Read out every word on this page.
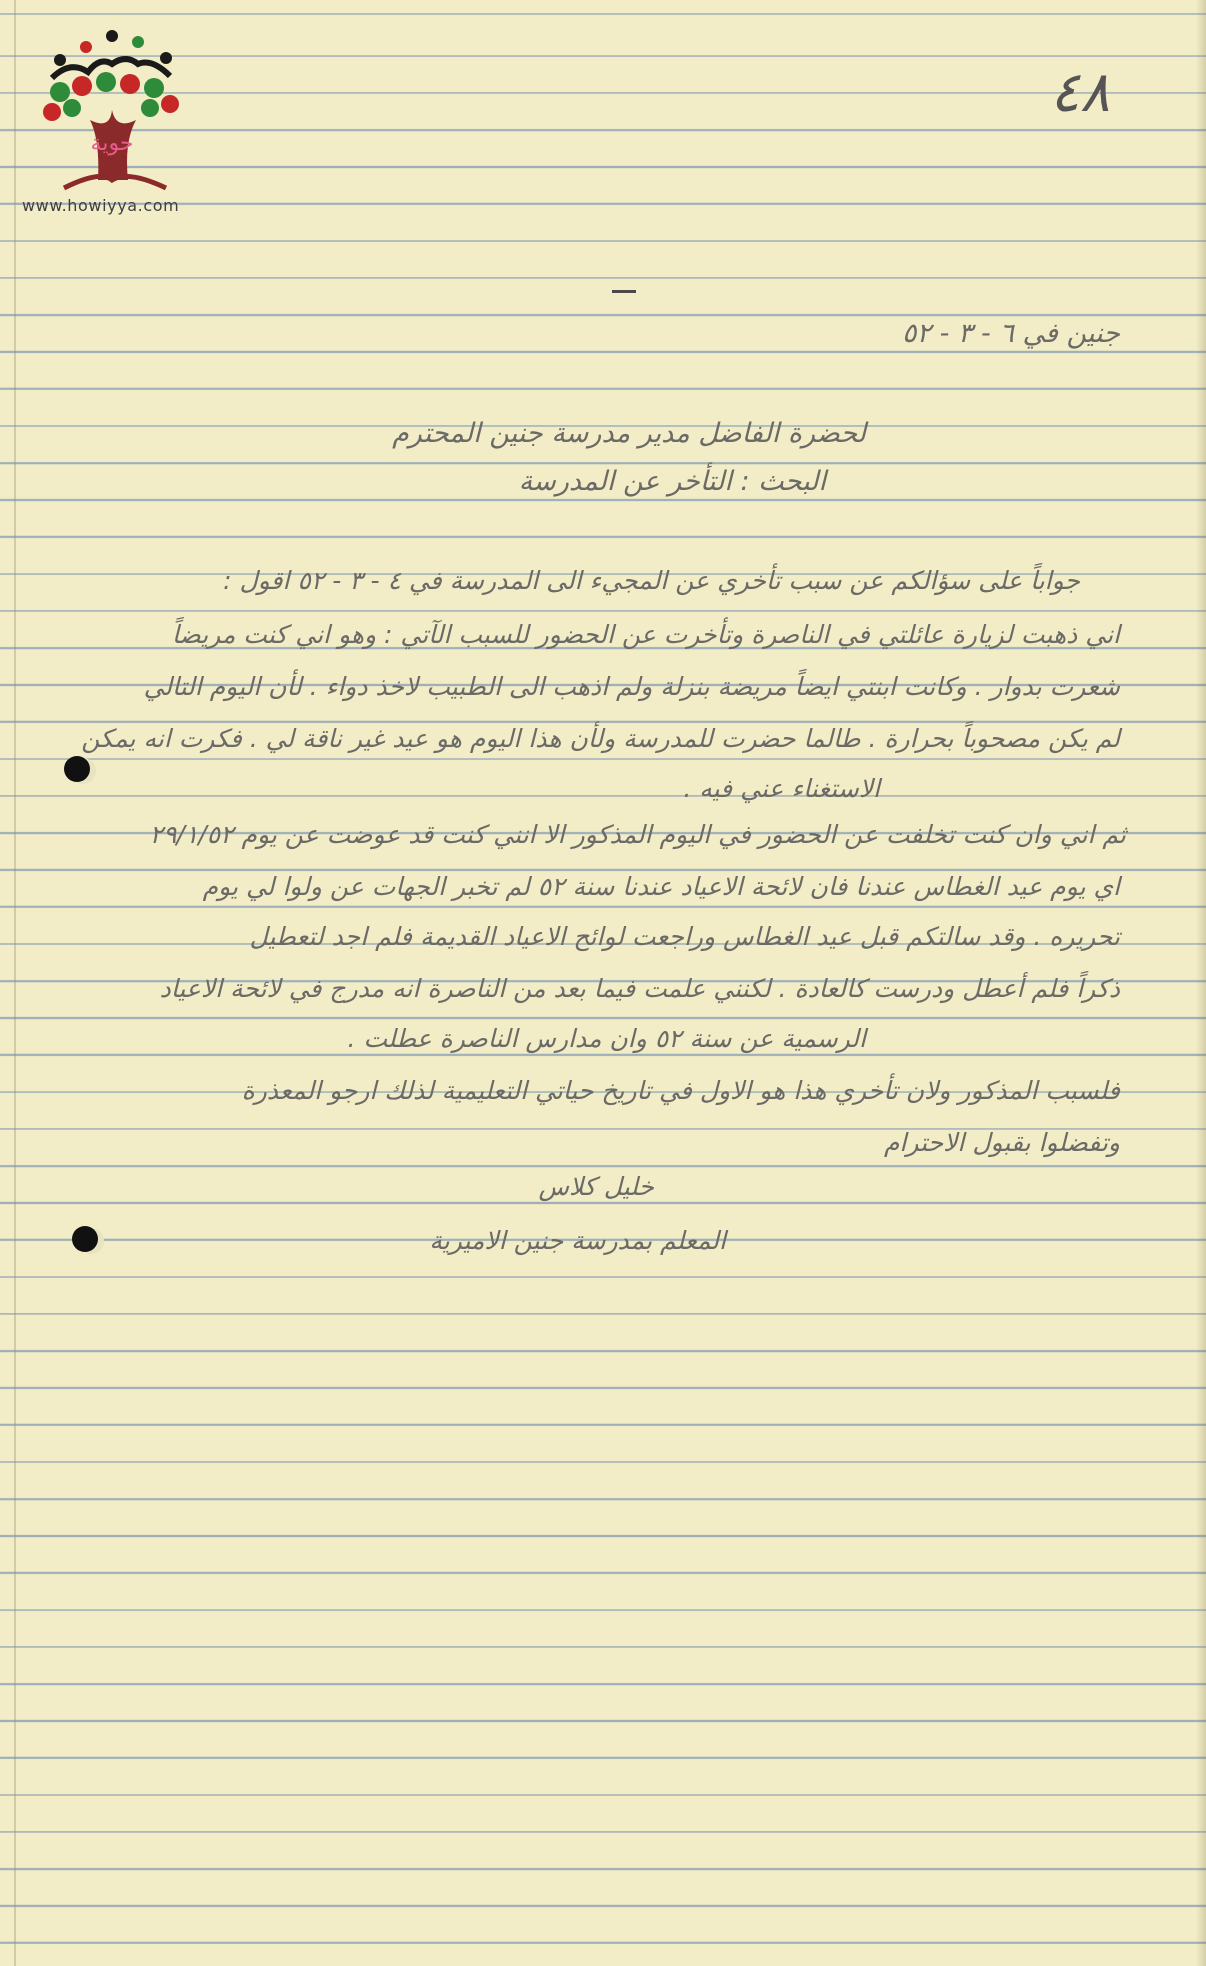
حوية
www.howiyya.com
٤٨
جنين في ٦ - ٣ - ٥٢
لحضرة الفاضل مدير مدرسة جنين المحترم
البحث : التأخر عن المدرسة
جواباً على سؤالكم عن سبب تأخري عن المجيء الى المدرسة في ٤ - ٣ - ٥٢ اقول :
اني ذهبت لزيارة عائلتي في الناصرة وتأخرت عن الحضور للسبب الآتي : وهو اني كنت مريضاً
شعرت بدوار . وكانت ابنتي ايضاً مريضة بنزلة ولم اذهب الى الطبيب لاخذ دواء . لأن اليوم التالي
لم يكن مصحوباً بحرارة . طالما حضرت للمدرسة ولأن هذا اليوم هو عيد غير ناقة لي . فكرت انه يمكن
الاستغناء عني فيه .
ثم اني وان كنت تخلفت عن الحضور في اليوم المذكور الا انني كنت قد عوضت عن يوم ٢٩/١/٥٢
اي يوم عيد الغطاس عندنا فان لائحة الاعياد عندنا سنة ٥٢ لم تخبر الجهات عن ولوا لي يوم
تحريره . وقد سالتكم قبل عيد الغطاس وراجعت لوائح الاعياد القديمة فلم اجد لتعطيل
ذكراً فلم أعطل ودرست كالعادة . لكنني علمت فيما بعد من الناصرة انه مدرج في لائحة الاعياد
الرسمية عن سنة ٥٢ وان مدارس الناصرة عطلت .
فلسبب المذكور ولان تأخري هذا هو الاول في تاريخ حياتي التعليمية لذلك ارجو المعذرة
وتفضلوا بقبول الاحترام
خليل كلاس
المعلم بمدرسة جنين الاميرية
